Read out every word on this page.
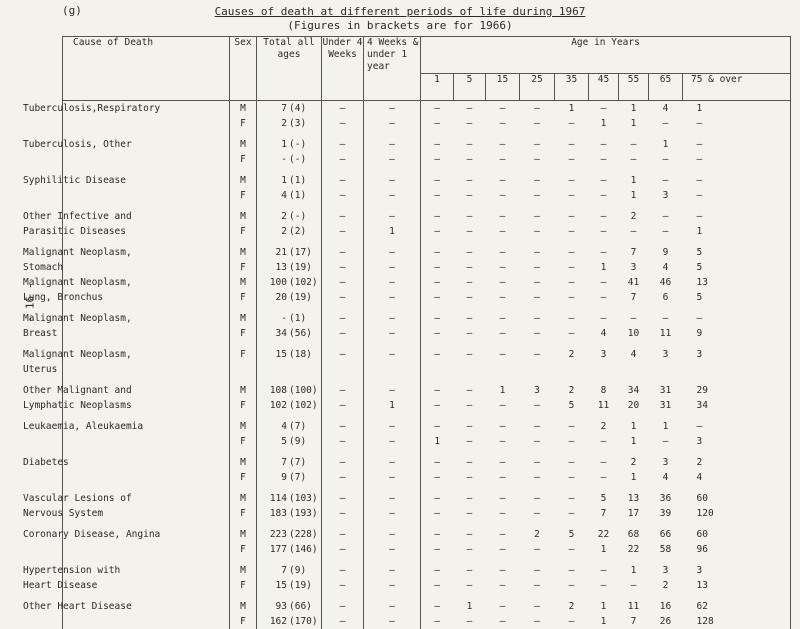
(g)	Causes of death at different periods of life during 1967
(Figures in brackets are for 1966)
- 16 -
Cause of Death	Sex	Total all ages	Under 4 Weeks	4 Weeks & under 1 year	Age in Years								
					1	5	15	25	35	45	55	65	75 & over
Tuberculosis,Respiratory	M	7 (4)	–	–	–	–	–	–	1	–	1	4	1
	F	2 (3)	–	–	–	–	–	–	–	1	1	–	–
Tuberculosis, Other	M	1 (-)	–	–	–	–	–	–	–	–	–	1	–
	F	- (-)	–	–	–	–	–	–	–	–	–	–	–
Syphilitic Disease	M	1 (1)	–	–	–	–	–	–	–	–	1	–	–
	F	4 (1)	–	–	–	–	–	–	–	–	1	3	–
Other Infective and	M	2 (-)	–	–	–	–	–	–	–	–	2	–	–
Parasitic Diseases	F	2 (2)	–	1	–	–	–	–	–	–	–	–	1
Malignant Neoplasm,	M	21 (17)	–	–	–	–	–	–	–	–	7	9	5
Stomach	F	13 (19)	–	–	–	–	–	–	–	1	3	4	5
Malignant Neoplasm,	M	100 (102)	–	–	–	–	–	–	–	–	41	46	13
Lung, Bronchus	F	20 (19)	–	–	–	–	–	–	–	–	7	6	5
Malignant Neoplasm,	M	- (1)	–	–	–	–	–	–	–	–	–	–	–
Breast	F	34 (56)	–	–	–	–	–	–	–	4	10	11	9
Malignant Neoplasm,	F	15 (18)	–	–	–	–	–	–	2	3	4	3	3
Uterus													
Other Malignant and	M	108 (100)	–	–	–	–	1	3	2	8	34	31	29
Lymphatic Neoplasms	F	102 (102)	–	1	–	–	–	–	5	11	20	31	34
Leukaemia, Aleukaemia	M	4 (7)	–	–	–	–	–	–	–	2	1	1	–
	F	5 (9)	–	–	1	–	–	–	–	–	1	–	3
Diabetes	M	7 (7)	–	–	–	–	–	–	–	–	2	3	2
	F	9 (7)	–	–	–	–	–	–	–	–	1	4	4
Vascular Lesions of	M	114 (103)	–	–	–	–	–	–	–	5	13	36	60
Nervous System	F	183 (193)	–	–	–	–	–	–	–	7	17	39	120
Coronary Disease, Angina	M	223 (228)	–	–	–	–	–	2	5	22	68	66	60
	F	177 (146)	–	–	–	–	–	–	–	1	22	58	96
Hypertension with	M	7 (9)	–	–	–	–	–	–	–	–	1	3	3
Heart Disease	F	15 (19)	–	–	–	–	–	–	–	–	–	2	13
Other Heart Disease	M	93 (66)	–	–	–	1	–	–	2	1	11	16	62
	F	162 (170)	–	–	–	–	–	–	–	1	7	26	128
